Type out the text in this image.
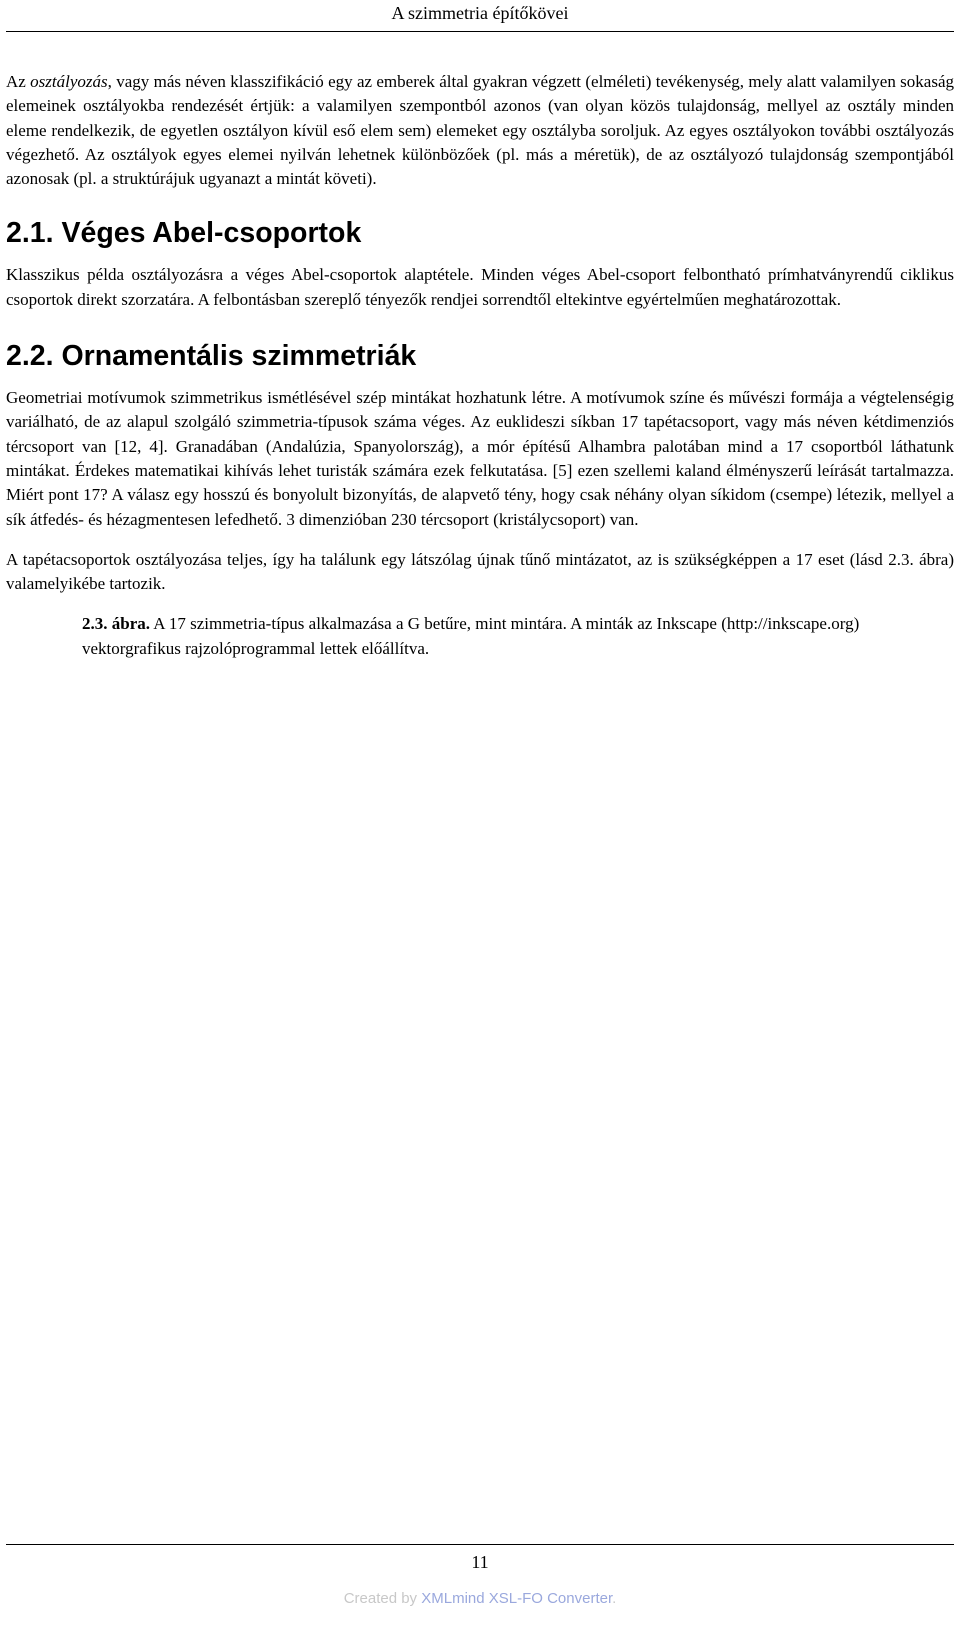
A szimmetria építőkövei

Az osztályozás, vagy más néven klasszifikáció egy az emberek által gyakran végzett (elméleti) tevékenység, mely alatt valamilyen sokaság elemeinek osztályokba rendezését értjük: a valamilyen szempontból azonos (van olyan közös tulajdonság, mellyel az osztály minden eleme rendelkezik, de egyetlen osztályon kívül eső elem sem) elemeket egy osztályba soroljuk. Az egyes osztályokon további osztályozás végezhető. Az osztályok egyes elemei nyilván lehetnek különbözőek (pl. más a méretük), de az osztályozó tulajdonság szempontjából azonosak (pl. a struktúrájuk ugyanazt a mintát követi).

2.1. Véges Abel-csoportok

Klasszikus példa osztályozásra a véges Abel-csoportok alaptétele. Minden véges Abel-csoport felbontható prímhatványrendű ciklikus csoportok direkt szorzatára. A felbontásban szereplő tényezők rendjei sorrendtől eltekintve egyértelműen meghatározottak.

2.2. Ornamentális szimmetriák

Geometriai motívumok szimmetrikus ismétlésével szép mintákat hozhatunk létre. A motívumok színe és művészi formája a végtelenségig variálható, de az alapul szolgáló szimmetria-típusok száma véges. Az euklideszi síkban 17 tapétacsoport, vagy más néven kétdimenziós tércsoport van [12, 4]. Granadában (Andalúzia, Spanyolország), a mór építésű Alhambra palotában mind a 17 csoportból láthatunk mintákat. Érdekes matematikai kihívás lehet turisták számára ezek felkutatása. [5] ezen szellemi kaland élményszerű leírását tartalmazza. Miért pont 17? A válasz egy hosszú és bonyolult bizonyítás, de alapvető tény, hogy csak néhány olyan síkidom (csempe) létezik, mellyel a sík átfedés- és hézagmentesen lefedhető. 3 dimenzióban 230 tércsoport (kristálycsoport) van.

A tapétacsoportok osztályozása teljes, így ha találunk egy látszólag újnak tűnő mintázatot, az is szükségképpen a 17 eset (lásd 2.3. ábra) valamelyikébe tartozik.

2.3. ábra. A 17 szimmetria-típus alkalmazása a G betűre, mint mintára. A minták az Inkscape (http://inkscape.org) vektorgrafikus rajzolóprogrammal lettek előállítva.

11
Created by XMLmind XSL-FO Converter.
